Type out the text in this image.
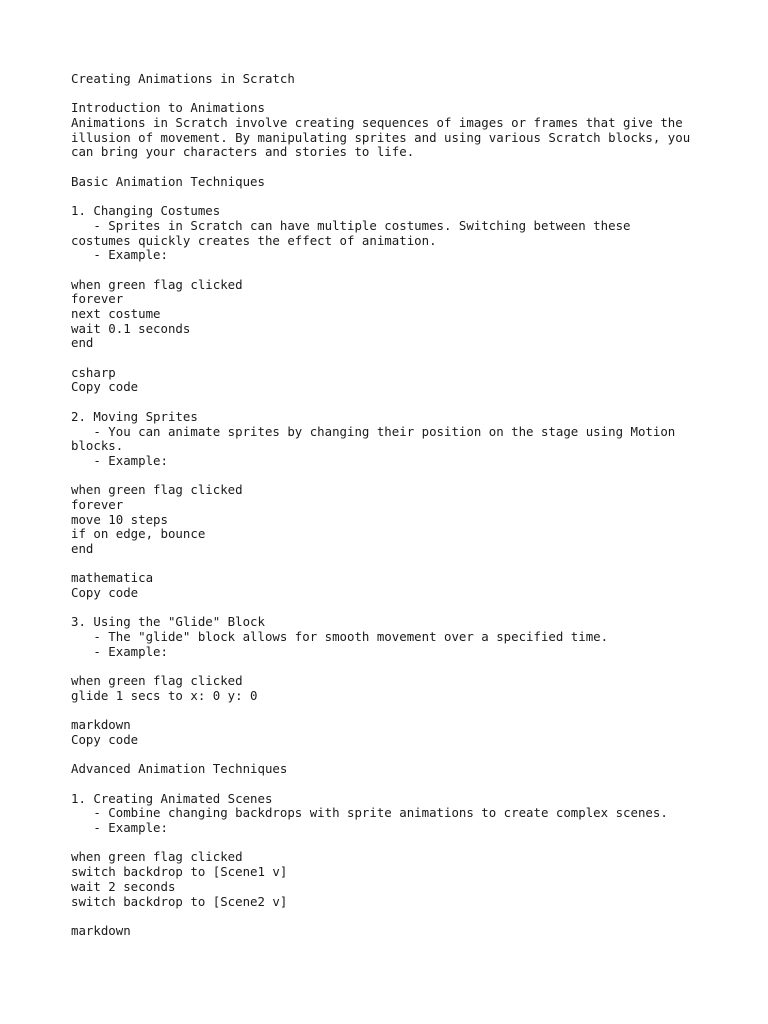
Creating Animations in Scratch
Introduction to Animations
Animations in Scratch involve creating sequences of images or frames that give the
illusion of movement. By manipulating sprites and using various Scratch blocks, you
can bring your characters and stories to life.
Basic Animation Techniques
1. Changing Costumes
- Sprites in Scratch can have multiple costumes. Switching between these
costumes quickly creates the effect of animation.
- Example:
when green flag clicked
forever
next costume
wait 0.1 seconds
end
csharp
Copy code
2. Moving Sprites
- You can animate sprites by changing their position on the stage using Motion
blocks.
- Example:
when green flag clicked
forever
move 10 steps
if on edge, bounce
end
mathematica
Copy code
3. Using the "Glide" Block
- The "glide" block allows for smooth movement over a specified time.
- Example:
when green flag clicked
glide 1 secs to x: 0 y: 0
markdown
Copy code
Advanced Animation Techniques
1. Creating Animated Scenes
- Combine changing backdrops with sprite animations to create complex scenes.
- Example:
when green flag clicked
switch backdrop to [Scene1 v]
wait 2 seconds
switch backdrop to [Scene2 v]
markdown
